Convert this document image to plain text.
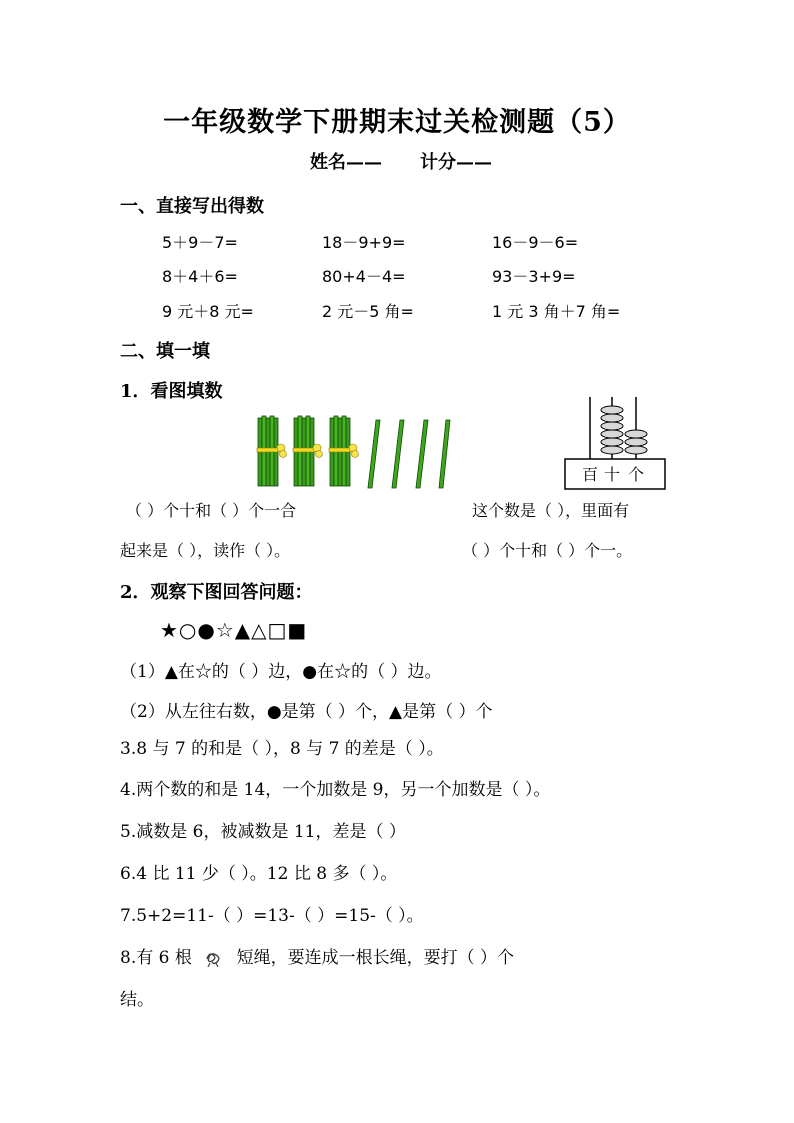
一年级数学下册期末过关检测题（5）
姓名—— 计分——
一、直接写出得数
5＋9－7=	18－9+9=	16－9－6=
8＋4＋6=	80+4－4=	93－3+9=
9 元＋8 元=	2 元－5 角=	1 元 3 角＋7 角=
二、填一填
1．看图填数
百 十 个
（ ）个十和（ ）个一合
起来是（ ），读作（ ）。
这个数是（ ），里面有
（ ）个十和（ ）个一。
2．观察下图回答问题：
★○●☆▲△□■
（1）▲在☆的（ ）边，●在☆的（ ）边。
（2）从左往右数，●是第（ ）个，▲是第（ ）个
3.8 与 7 的和是（ ），8 与 7 的差是（ ）。
4.两个数的和是 14，一个加数是 9，另一个加数是（ ）。
5.减数是 6，被减数是 11，差是（ ）
6.4 比 11 少（ ）。12 比 8 多（ ）。
7.5+2=11-（ ）=13-（ ）=15-（ ）。
8.有 6 根	短绳，要连成一根长绳，要打（ ）个
结。
